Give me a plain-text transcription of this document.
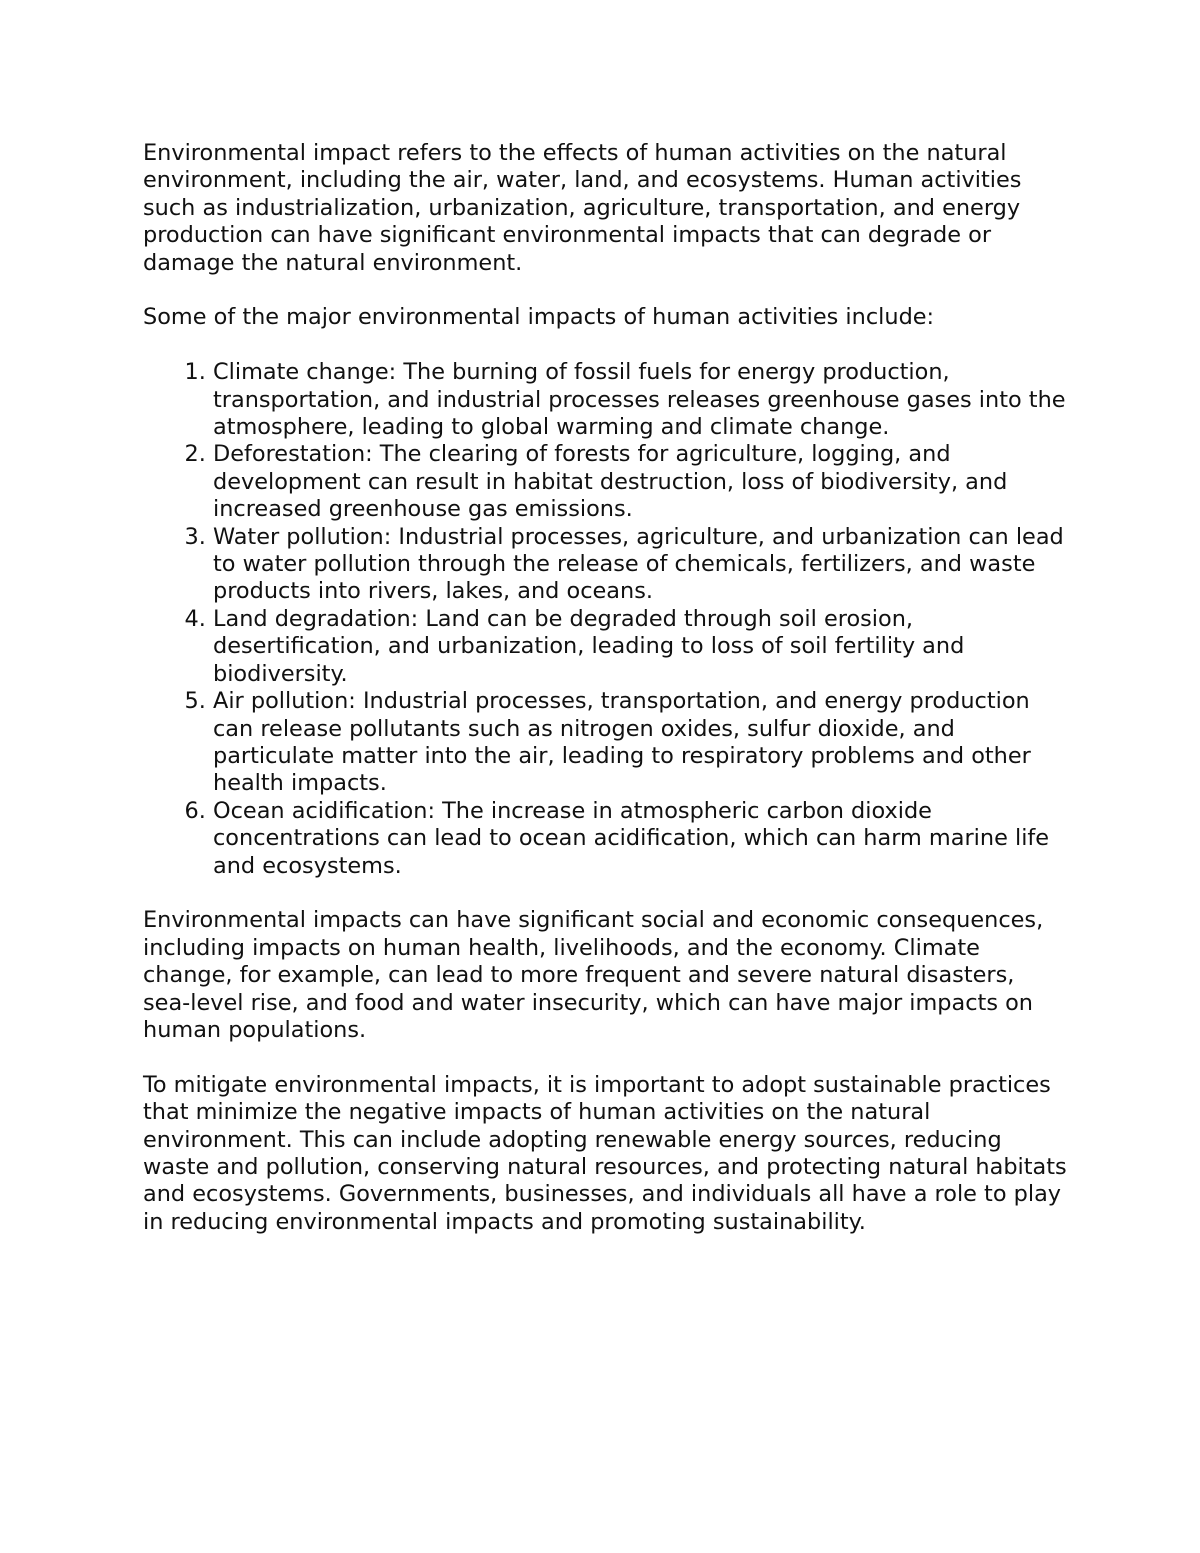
Environmental impact refers to the effects of human activities on the natural environment, including the air, water, land, and ecosystems. Human activities such as industrialization, urbanization, agriculture, transportation, and energy production can have significant environmental impacts that can degrade or damage the natural environment.

Some of the major environmental impacts of human activities include:

1. Climate change: The burning of fossil fuels for energy production, transportation, and industrial processes releases greenhouse gases into the atmosphere, leading to global warming and climate change.
2. Deforestation: The clearing of forests for agriculture, logging, and development can result in habitat destruction, loss of biodiversity, and increased greenhouse gas emissions.
3. Water pollution: Industrial processes, agriculture, and urbanization can lead to water pollution through the release of chemicals, fertilizers, and waste products into rivers, lakes, and oceans.
4. Land degradation: Land can be degraded through soil erosion, desertification, and urbanization, leading to loss of soil fertility and biodiversity.
5. Air pollution: Industrial processes, transportation, and energy production can release pollutants such as nitrogen oxides, sulfur dioxide, and particulate matter into the air, leading to respiratory problems and other health impacts.
6. Ocean acidification: The increase in atmospheric carbon dioxide concentrations can lead to ocean acidification, which can harm marine life and ecosystems.

Environmental impacts can have significant social and economic consequences, including impacts on human health, livelihoods, and the economy. Climate change, for example, can lead to more frequent and severe natural disasters, sea-level rise, and food and water insecurity, which can have major impacts on human populations.

To mitigate environmental impacts, it is important to adopt sustainable practices that minimize the negative impacts of human activities on the natural environment. This can include adopting renewable energy sources, reducing waste and pollution, conserving natural resources, and protecting natural habitats and ecosystems. Governments, businesses, and individuals all have a role to play in reducing environmental impacts and promoting sustainability.
